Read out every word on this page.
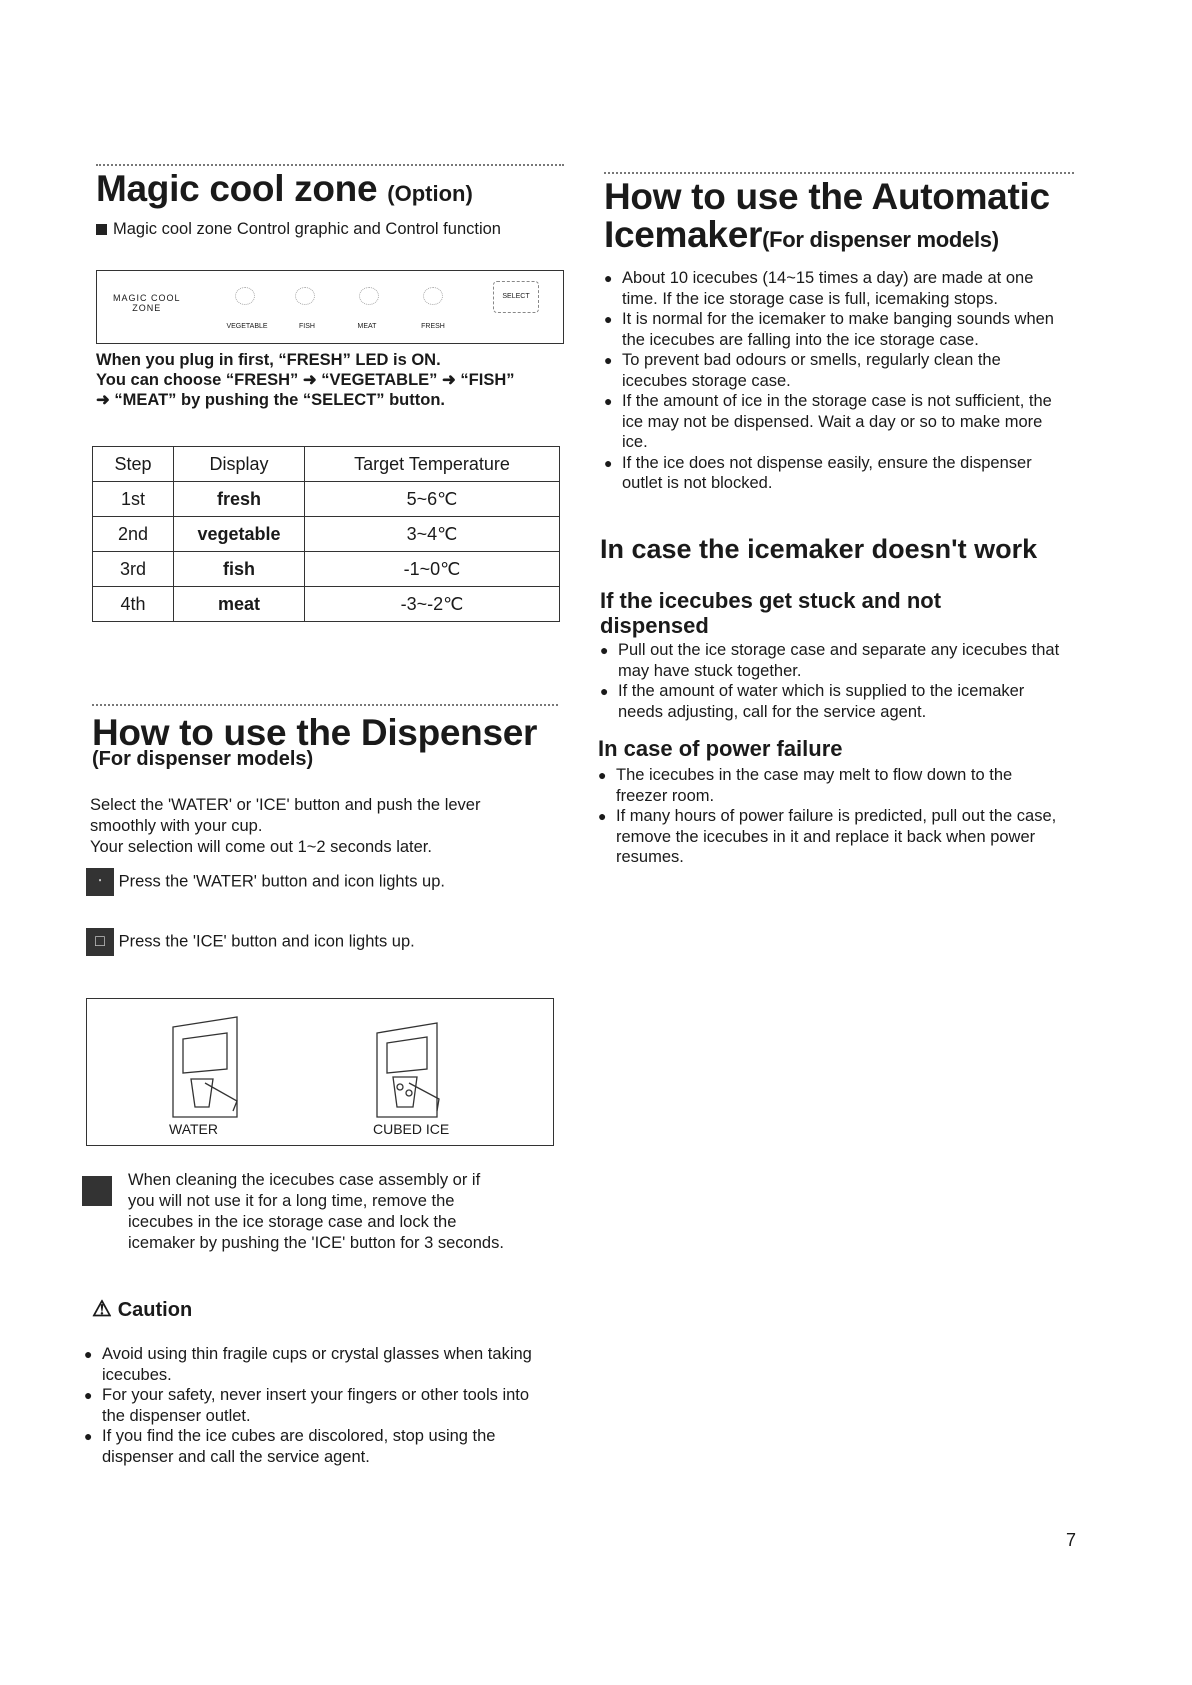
Magic cool zone (Option)
Magic cool zone Control graphic and Control function
MAGIC COOL
ZONE
VEGETABLE	FISH	MEAT	FRESH
SELECT
When you plug in first, “FRESH” LED is ON.
You can choose “FRESH” ➜ “VEGETABLE” ➜ “FISH”
➜ “MEAT” by pushing the “SELECT” button.
Step	Display	Target Temperature
1st	fresh	5~6℃
2nd	vegetable	3~4℃
3rd	fish	-1~0℃
4th	meat	-3~-2℃
How to use the Dispenser
(For dispenser models)
Select the 'WATER' or 'ICE' button and push the lever
smoothly with your cup.
Your selection will come out 1~2 seconds later.
‧ Press the 'WATER' button and icon lights up.
□ Press the 'ICE' button and icon lights up.
WATER	CUBED ICE
When cleaning the icecubes case assembly or if
you will not use it for a long time, remove the
icecubes in the ice storage case and lock the
icemaker by pushing the 'ICE' button for 3 seconds.
⚠ Caution

● Avoid using thin fragile cups or crystal glasses when taking icecubes.

● For your safety, never insert your fingers or other tools into the dispenser outlet.

● If you find the ice cubes are discolored, stop using the dispenser and call the service agent.

How to use the Automatic
Icemaker(For dispenser models)

● About 10 icecubes (14~15 times a day) are made at one time. If the ice storage case is full, icemaking stops.

● It is normal for the icemaker to make banging sounds when the icecubes are falling into the ice storage case.

● To prevent bad odours or smells, regularly clean the icecubes storage case.

● If the amount of ice in the storage case is not sufficient, the ice may not be dispensed. Wait a day or so to make more ice.

● If the ice does not dispense easily, ensure the dispenser outlet is not blocked.

In case the icemaker doesn't work
If the icecubes get stuck and not dispensed

● Pull out the ice storage case and separate any icecubes that may have stuck together.

● If the amount of water which is supplied to the icemaker needs adjusting, call for the service agent.

In case of power failure

● The icecubes in the case may melt to flow down to the freezer room.

● If many hours of power failure is predicted, pull out the case, remove the icecubes in it and replace it back when power resumes.

7
